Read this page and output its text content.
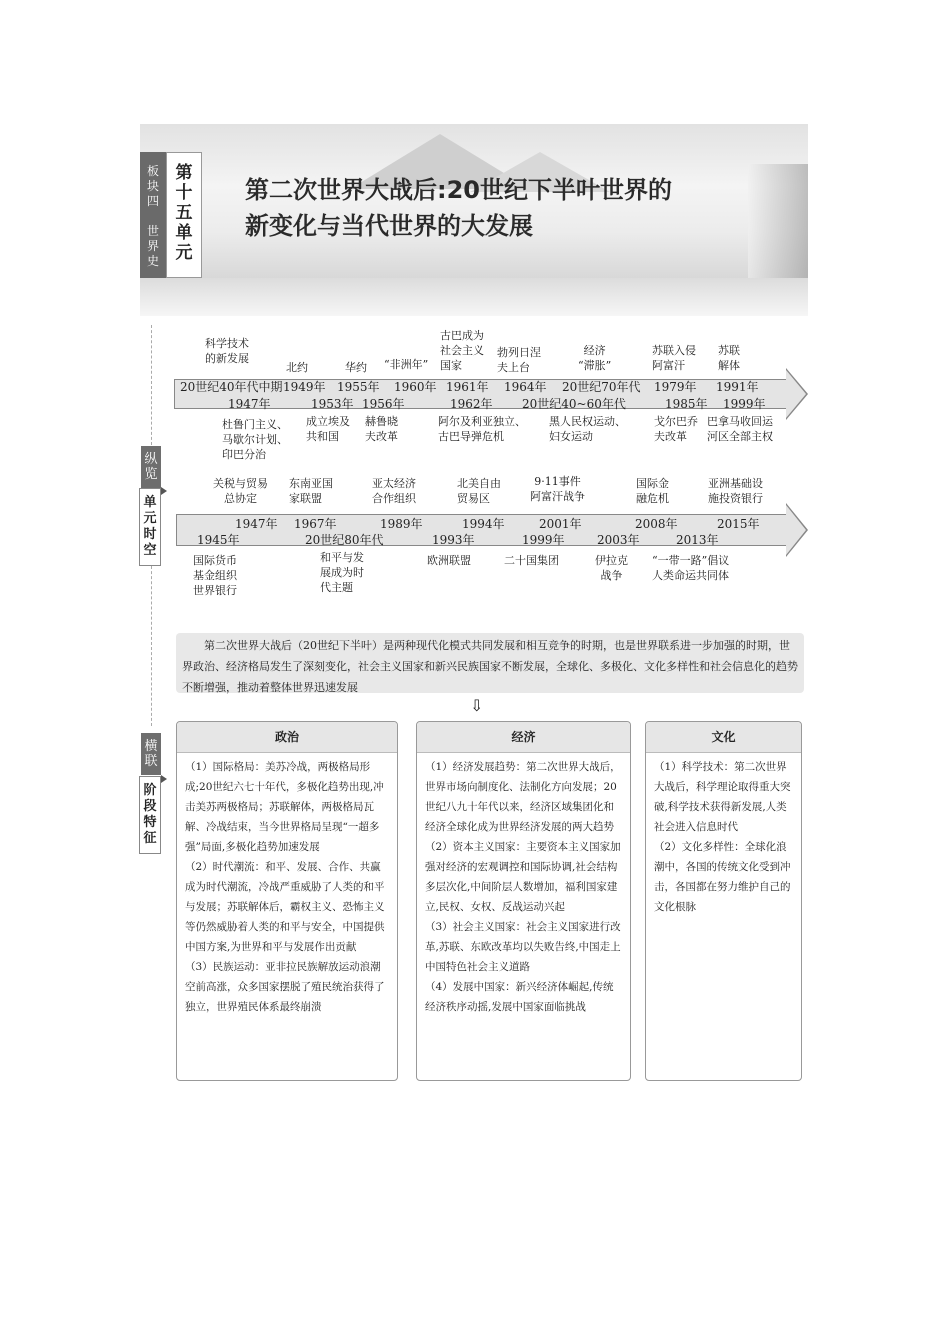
板
块
四
世
界
史
第
十
五
单
元
第二次世界大战后:20世纪下半叶世界的
新变化与当代世界的大发展
纵
览
单
元
时
空
横
联
阶
段
特
征
科学技术
的新发展
北约	华约 “非洲年”
古巴成为
社会主义
国家
勃列日涅
夫上台
经济
“滞胀”
苏联入侵
阿富汗
苏联
解体
20世纪40年代中期 1949年 1955年 1960年 1961年 1964年 20世纪70年代 1979年 1991年
1947年	1953年 1956年	1962年 20世纪40~60年代	1985年 1999年
杜鲁门主义、
马歇尔计划、
印巴分治
成立埃及
共和国
赫鲁晓
夫改革
阿尔及利亚独立、
古巴导弹危机
黑人民权运动、
妇女运动
戈尔巴乔
夫改革
巴拿马收回运
河区全部主权
关税与贸易
总协定
东南亚国
家联盟
亚太经济
合作组织
北美自由
贸易区
9·11事件
阿富汗战争
国际金
融危机
亚洲基础设
施投资银行
1947年 1967年	1989年	1994年	2001年	2008年	2015年
1945年	20世纪80年代	1993年	1999年	2003年	2013年
国际货币
基金组织
世界银行
和平与发
展成为时
代主题
欧洲联盟	二十国集团	伊拉克
战争
“一带一路”倡议
人类命运共同体
第二次世界大战后（20世纪下半叶）是两种现代化模式共同发展和相互竞争的时期，也是世界联系进一步加强的时期，世界政治、经济格局发生了深刻变化，社会主义国家和新兴民族国家不断发展，全球化、多极化、文化多样性和社会信息化的趋势不断增强，推动着整体世界迅速发展
⇩
政治

（1）国际格局：美苏冷战，两极格局形成;20世纪六七十年代，多极化趋势出现,冲击美苏两极格局；苏联解体，两极格局瓦解、冷战结束，当今世界格局呈现“一超多强”局面,多极化趋势加速发展

（2）时代潮流：和平、发展、合作、共赢成为时代潮流，冷战严重威胁了人类的和平与发展；苏联解体后，霸权主义、恐怖主义等仍然威胁着人类的和平与安全，中国提供中国方案,为世界和平与发展作出贡献

（3）民族运动：亚非拉民族解放运动浪潮空前高涨，众多国家摆脱了殖民统治获得了独立，世界殖民体系最终崩溃

经济

（1）经济发展趋势：第二次世界大战后，世界市场向制度化、法制化方向发展；20世纪八九十年代以来，经济区域集团化和经济全球化成为世界经济发展的两大趋势

（2）资本主义国家：主要资本主义国家加强对经济的宏观调控和国际协调,社会结构多层次化,中间阶层人数增加，福利国家建立,民权、女权、反战运动兴起

（3）社会主义国家：社会主义国家进行改革,苏联、东欧改革均以失败告终,中国走上中国特色社会主义道路

（4）发展中国家：新兴经济体崛起,传统经济秩序动摇,发展中国家面临挑战

文化

（1）科学技术：第二次世界大战后，科学理论取得重大突破,科学技术获得新发展,人类社会进入信息时代

（2）文化多样性：全球化浪潮中，各国的传统文化受到冲击，各国都在努力维护自己的文化根脉
